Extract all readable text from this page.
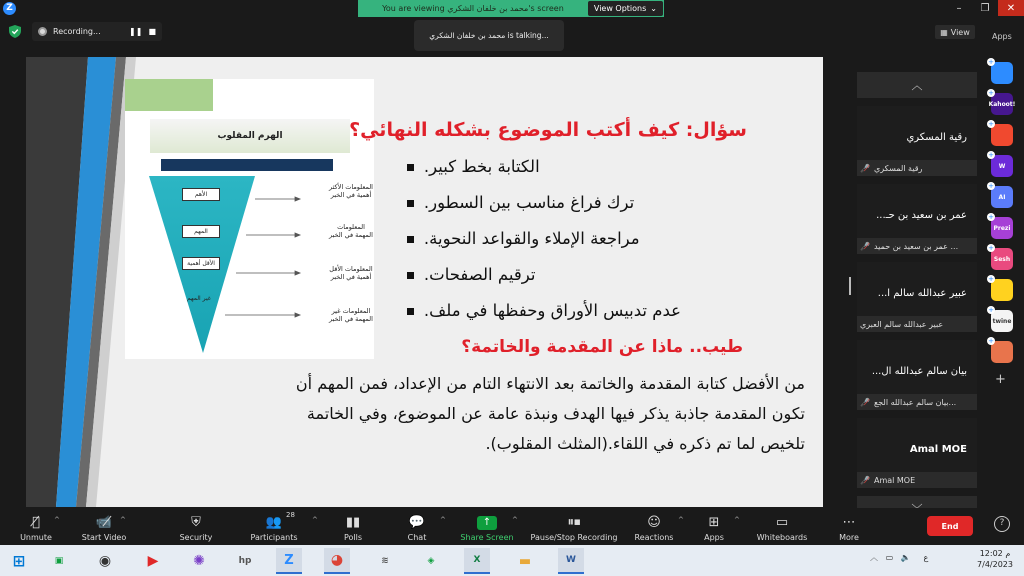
Z	You are viewing محمد بن خلفان الشكري's screen	View Options ⌄	–	❐	✕
Recording...	❚❚ ■	محمد بن خلفان الشكري is talking...	▦ View	Apps
الهرم المقلوب
الأهم
المهم
الأقل أهمية
غير المهم
المعلومات الأكثر أهمية في الخبر
المعلومات المهمة في الخبر
المعلومات الأقل أهمية في الخبر
المعلومات غير المهمة في الخبر
سؤال: كيف أكتب الموضوع بشكله النهائي؟
الكتابة بخط كبير.
ترك فراغ مناسب بين السطور.
مراجعة الإملاء والقواعد النحوية.
ترقيم الصفحات.
عدم تدبيس الأوراق وحفظها في ملف.
طيب.. ماذا عن المقدمة والخاتمة؟
من الأفضل كتابة المقدمة والخاتمة بعد الانتهاء التام من الإعداد، فمن المهم أن
تكون المقدمة جاذبة يذكر فيها الهدف ونبذة عامة عن الموضوع، وفي الخاتمة
تلخيص لما تم ذكره في اللقاء.(المثلث المقلوب).
︿
رقية المسكري
🎤̸ رقية المسكري
عمر بن سعيد بن حـ...
🎤̸ عمر بن سعيد بن حميد ...
عبير عبدالله سالم ا...
عبير عبدالله سالم العبري
بيان سالم عبدالله ال...
🎤̸ بيان سالم عبدالله الجع...
Amal MOE
🎤̸ Amal MOE
+
+
Kahoot!
+
+
W
+
AI
+
Prezi
+
Sesh
+
+
twine
+
+
🎙̸
Unmute
^	📹̸
Start Video
^	⛨
Security
👥
Participants
28
^ ▮▮
Polls
💬
Chat
^	↑
Share Screen
^	⏸⏹
Pause/Stop Recording
☺
Reactions
^ ⊞
Apps
^	▭
Whiteboards
⋯
More
End	?
⊞	▣	◉	▶	✺	hp	Z	◕	≋	◈	X	▬	W	︿ ▭ 🔈 ع	12:02 م
7/4/2023
